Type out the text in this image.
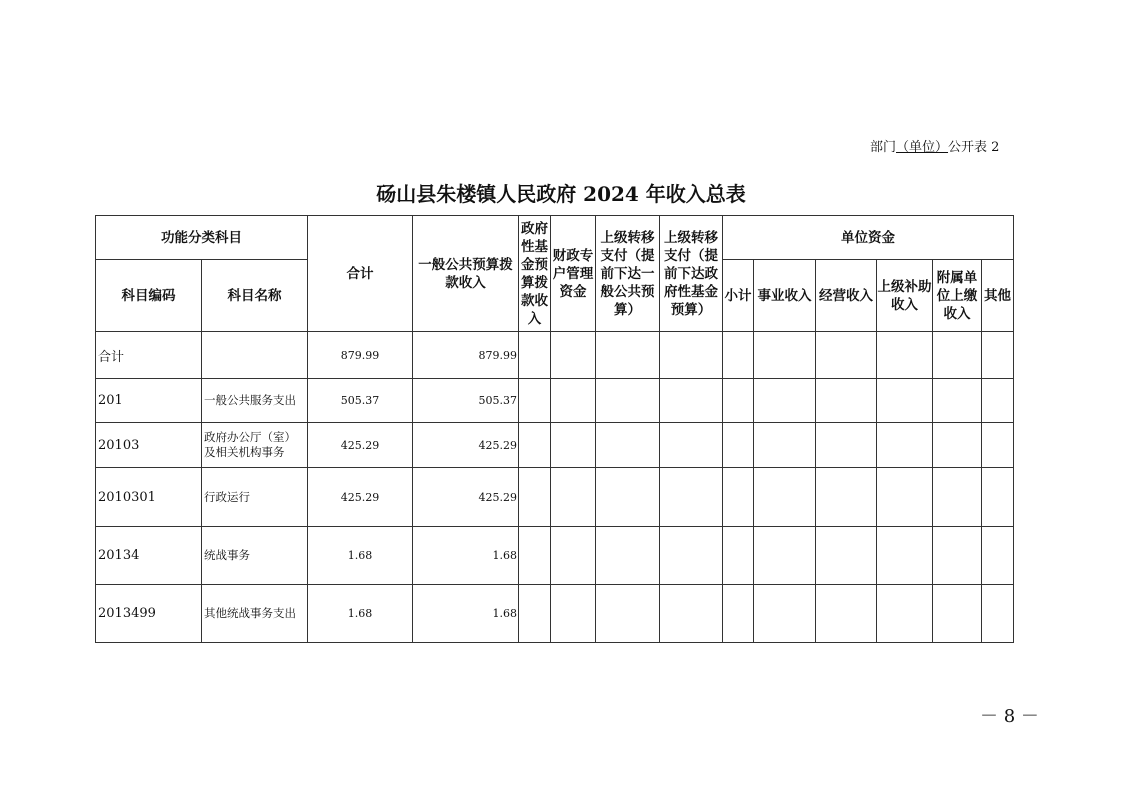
部门（单位）公开表 2
砀山县朱楼镇人民政府 2024 年收入总表
功能分类科目		合计	一般公共预算拨款收入	政府性基金预算拨款收入	财政专户管理资金	上级转移支付（提前下达一般公共预算）	上级转移支付（提前下达政府性基金预算）	单位资金					
科目编码	科目名称							小计	事业收入	经营收入	上级补助收入	附属单位上缴收入	其他
合计		879.99	879.99										
201	一般公共服务支出	505.37	505.37										
20103	政府办公厅（室）及相关机构事务	425.29	425.29										
2010301	行政运行	425.29	425.29										
20134	统战事务	1.68	1.68										
2013499	其他统战事务支出	1.68	1.68										
－ 8 －
